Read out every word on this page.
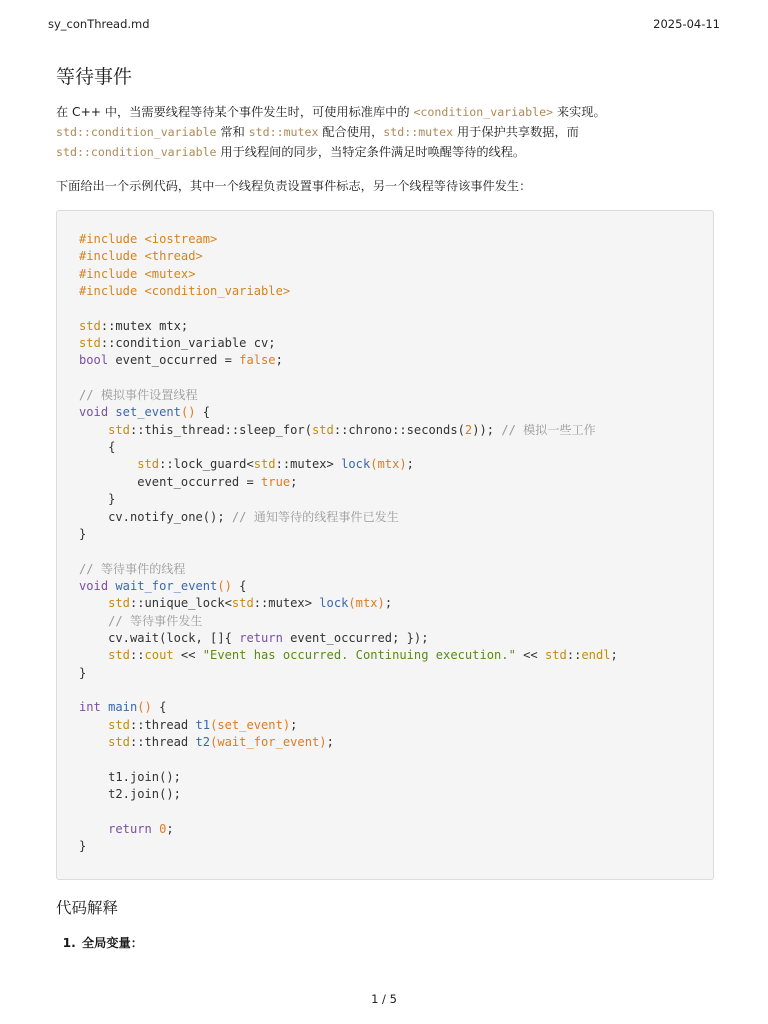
sy_conThread.md	2025-04-11
等待事件

在 C++ 中，当需要线程等待某个事件发生时，可使用标准库中的 <condition_variable> 来实现。
std::condition_variable 常和 std::mutex 配合使用，std::mutex 用于保护共享数据，而
std::condition_variable 用于线程间的同步，当特定条件满足时唤醒等待的线程。

下面给出一个示例代码，其中一个线程负责设置事件标志，另一个线程等待该事件发生：

#include <iostream>
#include <thread>
#include <mutex>
#include <condition_variable>

std::mutex mtx;
std::condition_variable cv;
bool event_occurred = false;

// 模拟事件设置线程
void set_event() {
std::this_thread::sleep_for(std::chrono::seconds(2)); // 模拟一些工作
{
std::lock_guard<std::mutex> lock(mtx);
event_occurred = true;
}
cv.notify_one(); // 通知等待的线程事件已发生
}

// 等待事件的线程
void wait_for_event() {
std::unique_lock<std::mutex> lock(mtx);
// 等待事件发生
cv.wait(lock, []{ return event_occurred; });
std::cout << "Event has occurred. Continuing execution." << std::endl;
}

int main() {
std::thread t1(set_event);
std::thread t2(wait_for_event);

t1.join();
t2.join();

return 0;
}

代码解释
1. 全局变量：
1 / 5
